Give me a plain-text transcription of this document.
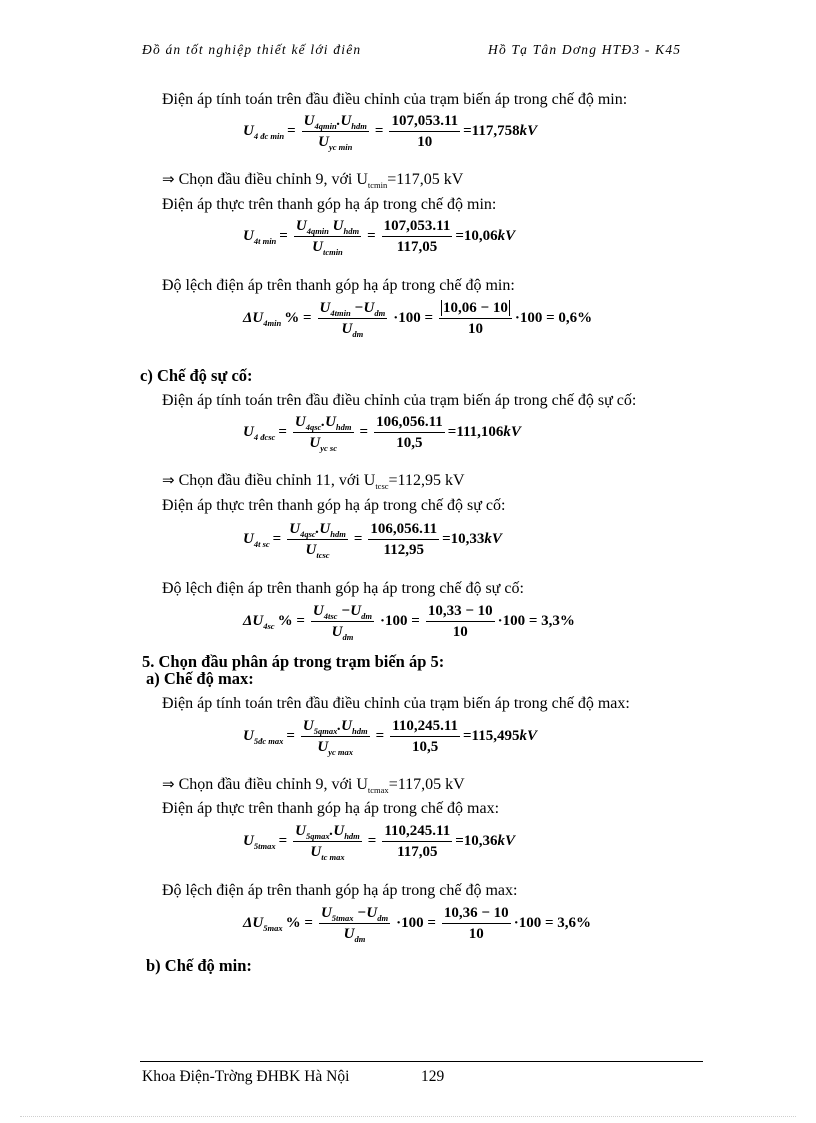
Đồ án tốt nghiệp thiết kế lới điên	Hồ Tạ Tân Dơng HTĐ3 - K45
Điện áp tính toán trên đầu điều chỉnh của trạm biến áp trong chế độ min:
$U_{4 đc min} = \frac{U_{4qmin}.U_{hdm}}{U_{yc min}} = \frac{107,053.11}{10} =117,758$ kV
⇒ Chọn đầu điều chỉnh 9, với $U_{tcmin}=117,05$ kV
Điện áp thực trên thanh góp hạ áp trong chế độ min:
$U_{4t min} = \frac{U_{4qmin} U_{hdm}}{U_{tcmin}} = \frac{107,053.11}{117,05} =10,06$ kV
Độ lệch điện áp trên thanh góp hạ áp trong chế độ min:
$\Delta U_{4min}$ % = $\frac{U_{4tmin} -U_{dm}}{U_{dm}} \cdot 100 = \frac{10,06 - 10}{10} \cdot 100 = 0,6\%$
c) Chế độ sự cố:
Điện áp tính toán trên đầu điều chỉnh của trạm biến áp trong chế độ sự cố:
$U_{4 đcsc} = \frac{U_{4qsc}.U_{hdm}}{U_{yc sc}} = \frac{106,056.11}{10,5} =111,106$ kV
⇒ Chọn đầu điều chỉnh 11, với $U_{tcsc}=112,95$ kV
Điện áp thực trên thanh góp hạ áp trong chế độ sự cố:
$U_{4t sc} = \frac{U_{4qsc}.U_{hdm}}{U_{tcsc}} = \frac{106,056.11}{112,95} =10,33$ kV
Độ lệch điện áp trên thanh góp hạ áp trong chế độ sự cố:
$\Delta U_{4sc}$ % = $\frac{U_{4tsc} -U_{dm}}{U_{dm}} \cdot 100 = \frac{10,33 - 10}{10} \cdot 100 = 3,3\%$
5. Chọn đầu phân áp trong trạm biến áp 5:
a) Chế độ max:
Điện áp tính toán trên đầu điều chỉnh của trạm biến áp trong chế độ max:
$U_{5đc max} = \frac{U_{5qmax}.U_{hdm}}{U_{yc max}} = \frac{110,245.11}{10,5} =115,495$ kV
⇒ Chọn đầu điều chỉnh 9, với $U_{tcmax}=117,05$ kV
Điện áp thực trên thanh góp hạ áp trong chế độ max:
$U_{5tmax} = \frac{U_{5qmax}.U_{hdm}}{U_{tc max}} = \frac{110,245.11}{117,05} =10,36$ kV
Độ lệch điện áp trên thanh góp hạ áp trong chế độ max:
$\Delta U_{5max}$ % = $\frac{U_{5tmax} -U_{dm}}{U_{dm}} \cdot 100 = \frac{10,36 - 10}{10} \cdot 100 = 3,6\%$
b) Chế độ min:
Khoa Điện-Trờng ĐHBK Hà Nội	129
